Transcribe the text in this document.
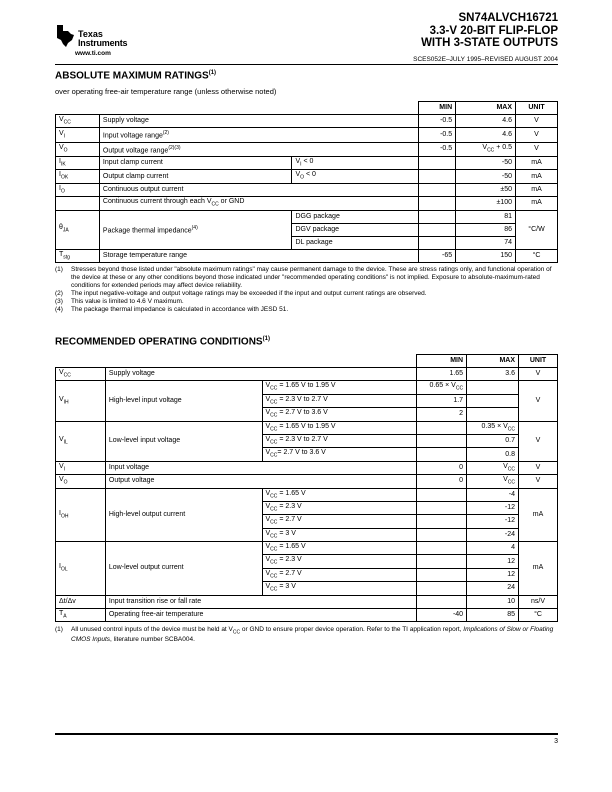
Texas
Instruments
www.ti.com
SN74ALVCH16721
3.3-V 20-BIT FLIP-FLOP
WITH 3-STATE OUTPUTS
SCES052E–JULY 1995–REVISED AUGUST 2004
ABSOLUTE MAXIMUM RATINGS$^{(1)}$
over operating free-air temperature range (unless otherwise noted)
			MIN	MAX	UNIT
$V_{CC}$	Supply voltage		-0.5	4.6	V
$V_I$	Input voltage range$^{(2)}$		-0.5	4.6	V
$V_O$	Output voltage range$^{(2)(3)}$		-0.5	$V_{CC} + 0.5$	V
$I_{IK}$	Input clamp current	$V_I < 0$		-50	mA
$I_{OK}$	Output clamp current	$V_O < 0$		-50	mA
$I_O$	Continuous output current			±50	mA
	Continuous current through each $V_{CC}$ or GND			±100	mA
$\theta_{JA}$	Package thermal impedance$^{(4)}$	DGG package		81	°C/W
		DGV package		86	
		DL package		74	
$T_{stg}$	Storage temperature range		-65	150	°C
(1)	Stresses beyond those listed under "absolute maximum ratings" may cause permanent damage to the device. These are stress ratings only, and functional operation of the device at these or any other conditions beyond those indicated under "recommended operating conditions" is not implied. Exposure to absolute-maximum-rated conditions for extended periods may affect device reliability.
(2)	The input negative-voltage and output voltage ratings may be exceeded if the input and output current ratings are observed.
(3)	This value is limited to 4.6 V maximum.
(4)	The package thermal impedance is calculated in accordance with JESD 51.
RECOMMENDED OPERATING CONDITIONS$^{(1)}$
			MIN	MAX	UNIT
$V_{CC}$	Supply voltage		1.65	3.6	V
$V_{IH}$	High-level input voltage	$V_{CC} = 1.65$ V to 1.95 V	$0.65 \times V_{CC}$		V
		$V_{CC} = 2.3$ V to 2.7 V	1.7		
		$V_{CC} = 2.7$ V to 3.6 V	2		
$V_{IL}$	Low-level input voltage	$V_{CC} = 1.65$ V to 1.95 V		$0.35 \times V_{CC}$	V
		$V_{CC} = 2.3$ V to 2.7 V		0.7	
		$V_{CC}= 2.7$ V to 3.6 V		0.8	
$V_I$	Input voltage		0	$V_{CC}$	V
$V_O$	Output voltage		0	$V_{CC}$	V
$I_{OH}$	High-level output current	$V_{CC} = 1.65$ V		-4	mA
		$V_{CC} = 2.3$ V		-12	
		$V_{CC} = 2.7$ V		-12	
		$V_{CC} = 3$ V		-24	
$I_{OL}$	Low-level output current	$V_{CC} = 1.65$ V		4	mA
		$V_{CC} = 2.3$ V		12	
		$V_{CC} = 2.7$ V		12	
		$V_{CC} = 3$ V		24	
Δt/Δv	Input transition rise or fall rate			10	ns/V
$T_A$	Operating free-air temperature		-40	85	°C
(1)	All unused control inputs of the device must be held at $V_{CC}$ or GND to ensure proper device operation. Refer to the TI application report, Implications of Slow or Floating CMOS Inputs, literature number SCBA004.
3
